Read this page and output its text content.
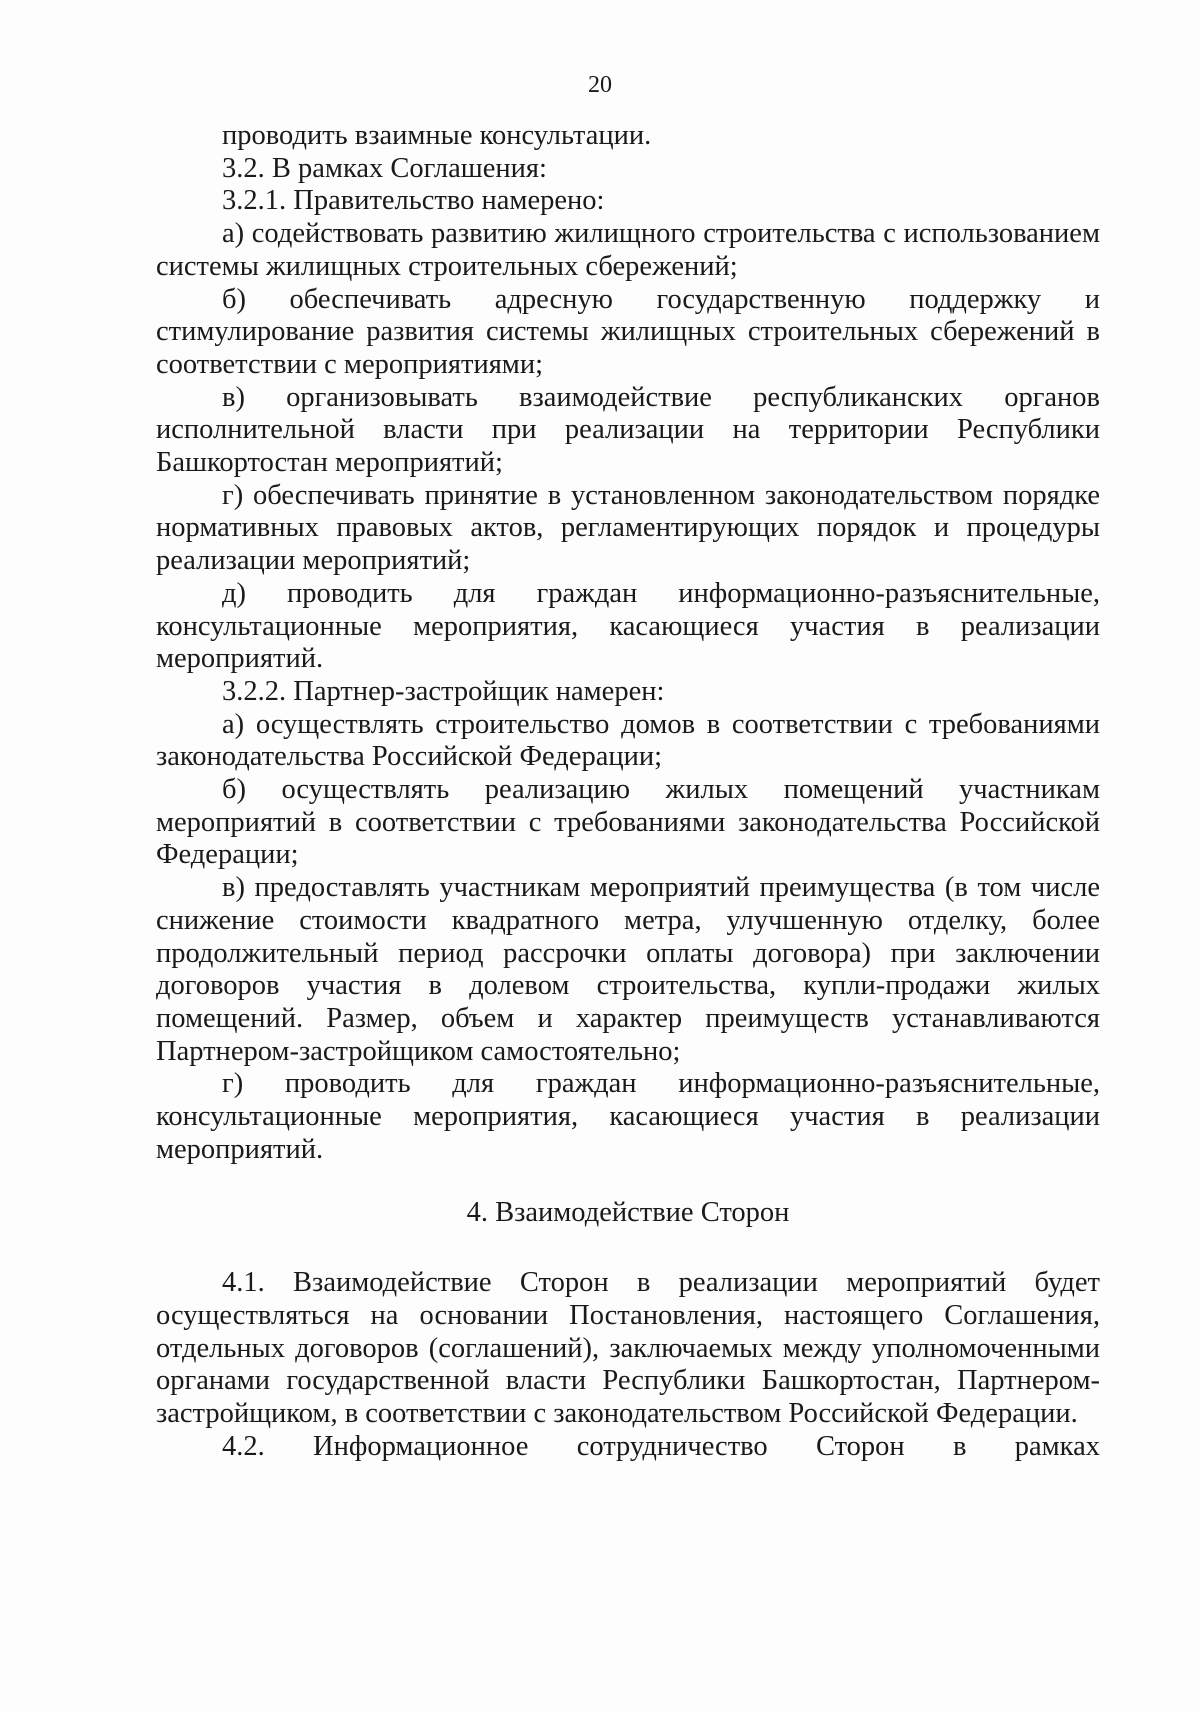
20

проводить взаимные консультации.

3.2. В рамках Соглашения:

3.2.1. Правительство намерено:

а) содействовать развитию жилищного строительства с использованием системы жилищных строительных сбережений;

б) обеспечивать адресную государственную поддержку и стимулирование развития системы жилищных строительных сбережений в соответствии с мероприятиями;

в) организовывать взаимодействие республиканских органов исполнительной власти при реализации на территории Республики Башкортостан мероприятий;

г) обеспечивать принятие в установленном законодательством порядке нормативных правовых актов, регламентирующих порядок и процедуры реализации мероприятий;

д) проводить для граждан информационно-разъяснительные, консультационные мероприятия, касающиеся участия в реализации мероприятий.

3.2.2. Партнер-застройщик намерен:

а) осуществлять строительство домов в соответствии с требованиями законодательства Российской Федерации;

б) осуществлять реализацию жилых помещений участникам мероприятий в соответствии с требованиями законодательства Российской Федерации;

в) предоставлять участникам мероприятий преимущества (в том числе снижение стоимости квадратного метра, улучшенную отделку, более продолжительный период рассрочки оплаты договора) при заключении договоров участия в долевом строительства, купли-продажи жилых помещений. Размер, объем и характер преимуществ устанавливаются Партнером-застройщиком самостоятельно;

г) проводить для граждан информационно-разъяснительные, консультационные мероприятия, касающиеся участия в реализации мероприятий.

4. Взаимодействие Сторон

4.1. Взаимодействие Сторон в реализации мероприятий будет осуществляться на основании Постановления, настоящего Соглашения, отдельных договоров (соглашений), заключаемых между уполномоченными органами государственной власти Республики Башкортостан, Партнером-застройщиком, в соответствии с законодательством Российской Федерации.

4.2. Информационное сотрудничество Сторон в рамках
